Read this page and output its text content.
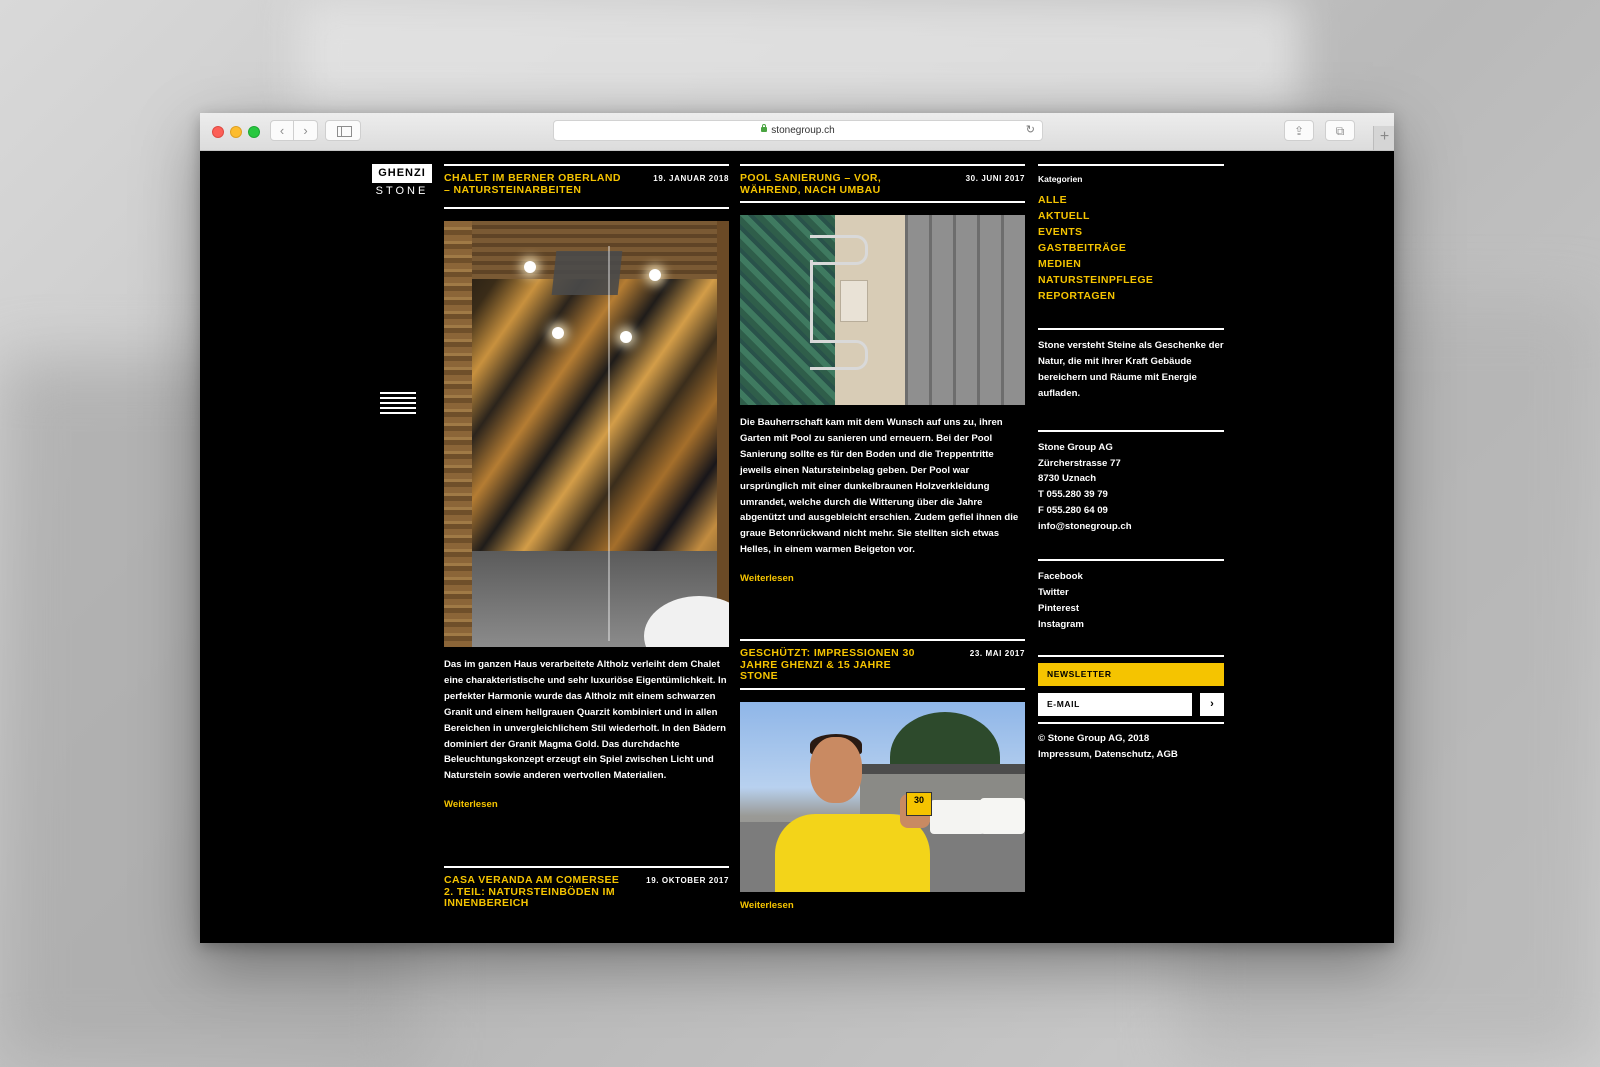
‹	›	stonegroup.ch	↻	⇪	⧉	+
GHENZI
STONE
CHALET IM BERNER OBERLAND – NATURSTEINARBEITEN
19. JANUAR 2018
Das im ganzen Haus verarbeitete Altholz verleiht dem Chalet eine charakteristische und sehr luxuriöse Eigentümlichkeit. In perfekter Harmonie wurde das Altholz mit einem schwarzen Granit und einem hellgrauen Quarzit kombiniert und in allen Bereichen in unvergleichlichem Stil wiederholt. In den Bädern dominiert der Granit Magma Gold. Das durchdachte Beleuchtungskonzept erzeugt ein Spiel zwischen Licht und Naturstein sowie anderen wertvollen Materialien.
Weiterlesen
CASA VERANDA AM COMERSEE 2. TEIL: NATURSTEINBÖDEN IM INNENBEREICH
19. OKTOBER 2017
POOL SANIERUNG – VOR, WÄHREND, NACH UMBAU
30. JUNI 2017
Die Bauherrschaft kam mit dem Wunsch auf uns zu, ihren Garten mit Pool zu sanieren und erneuern. Bei der Pool Sanierung sollte es für den Boden und die Treppentritte jeweils einen Natursteinbelag geben. Der Pool war ursprünglich mit einer dunkelbraunen Holzverkleidung umrandet, welche durch die Witterung über die Jahre abgenützt und ausgebleicht erschien. Zudem gefiel ihnen die graue Betonrückwand nicht mehr. Sie stellten sich etwas Helles, in einem warmen Beigeton vor.
Weiterlesen
GESCHÜTZT: IMPRESSIONEN 30 JAHRE GHENZI & 15 JAHRE STONE
23. MAI 2017
30
Weiterlesen
Kategorien
ALLE
AKTUELL
EVENTS
GASTBEITRÄGE
MEDIEN
NATURSTEINPFLEGE
REPORTAGEN
Stone versteht Steine als Geschenke der Natur, die mit ihrer Kraft Gebäude bereichern und Räume mit Energie aufladen.
Stone Group AG
Zürcherstrasse 77
8730 Uznach
T 055.280 39 79
F 055.280 64 09
info@stonegroup.ch
Facebook
Twitter
Pinterest
Instagram
NEWSLETTER
E-MAIL
›
© Stone Group AG, 2018
Impressum, Datenschutz, AGB
